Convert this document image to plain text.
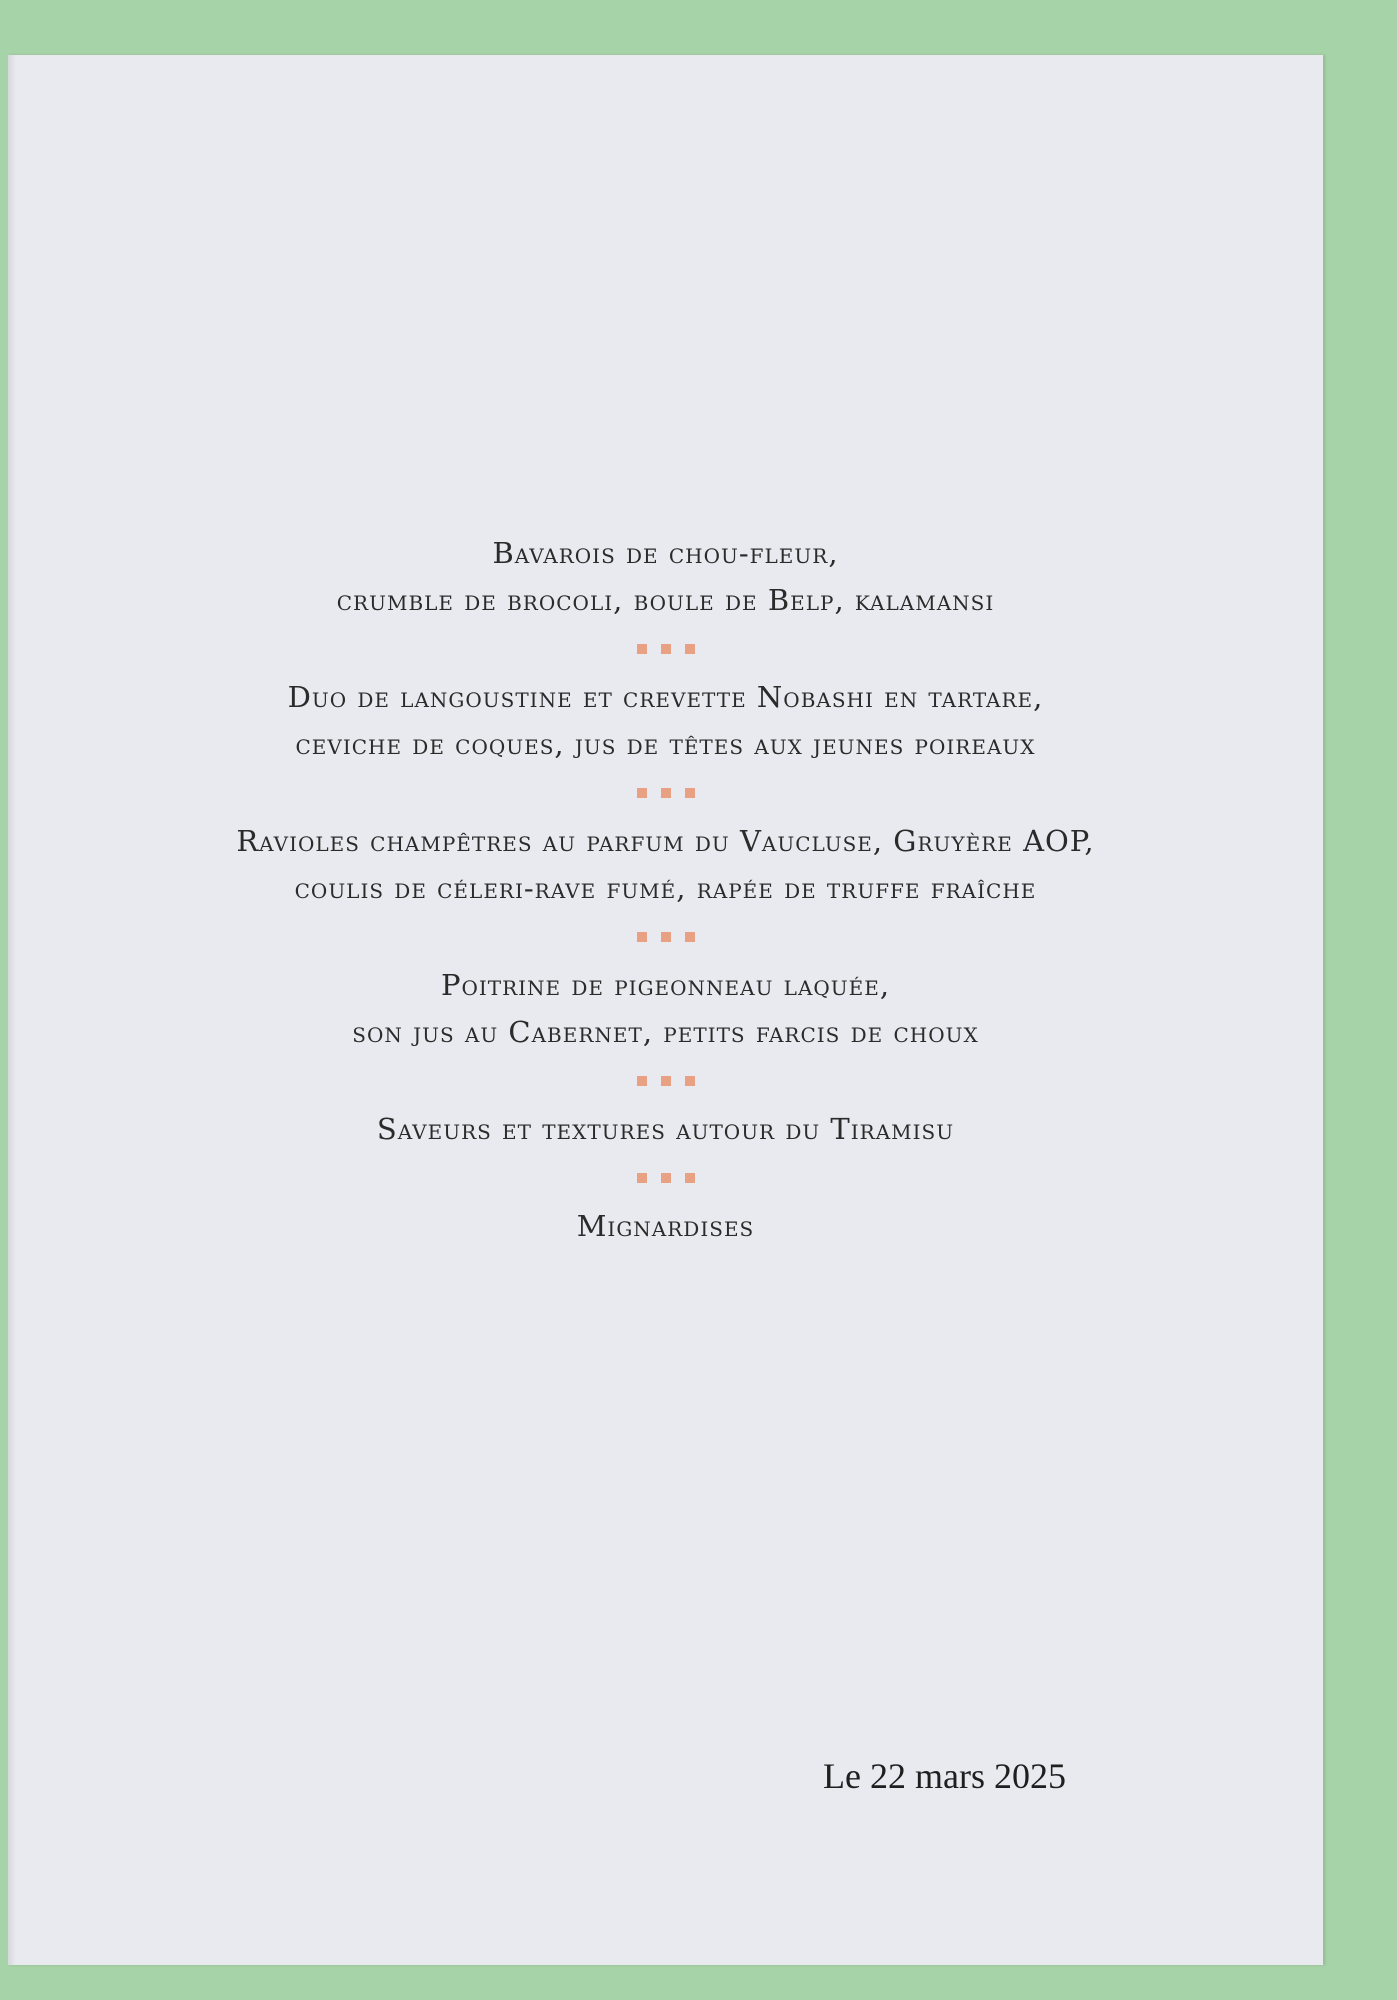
Bavarois de chou-fleur,
crumble de brocoli, boule de Belp, kalamansi
Duo de langoustine et crevette Nobashi en tartare,
ceviche de coques, jus de têtes aux jeunes poireaux
Ravioles champêtres au parfum du Vaucluse, Gruyère AOP,
coulis de céleri-rave fumé, rapée de truffe fraîche
Poitrine de pigeonneau laquée,
son jus au Cabernet, petits farcis de choux
Saveurs et textures autour du Tiramisu
Mignardises
Le 22 mars 2025
